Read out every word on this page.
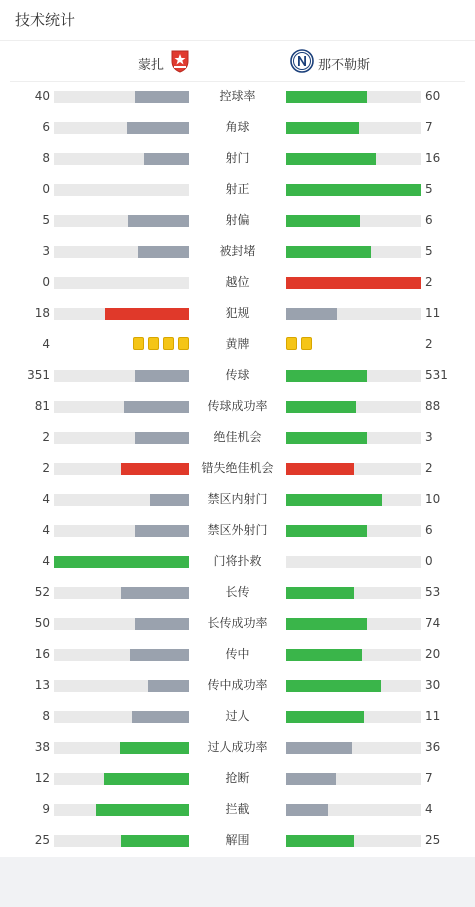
技术统计
蒙扎	那不勒斯
40	控球率	60
6	角球	7
8	射门	16
0	射正	5
5	射偏	6
3	被封堵	5
0	越位	2
18	犯规	11
4	黄牌	2
351	传球	531
81	传球成功率	88
2	绝佳机会	3
2	错失绝佳机会	2
4	禁区内射门	10
4	禁区外射门	6
4	门将扑救	0
52	长传	53
50	长传成功率	74
16	传中	20
13	传中成功率	30
8	过人	11
38	过人成功率	36
12	抢断	7
9	拦截	4
25	解围	25
